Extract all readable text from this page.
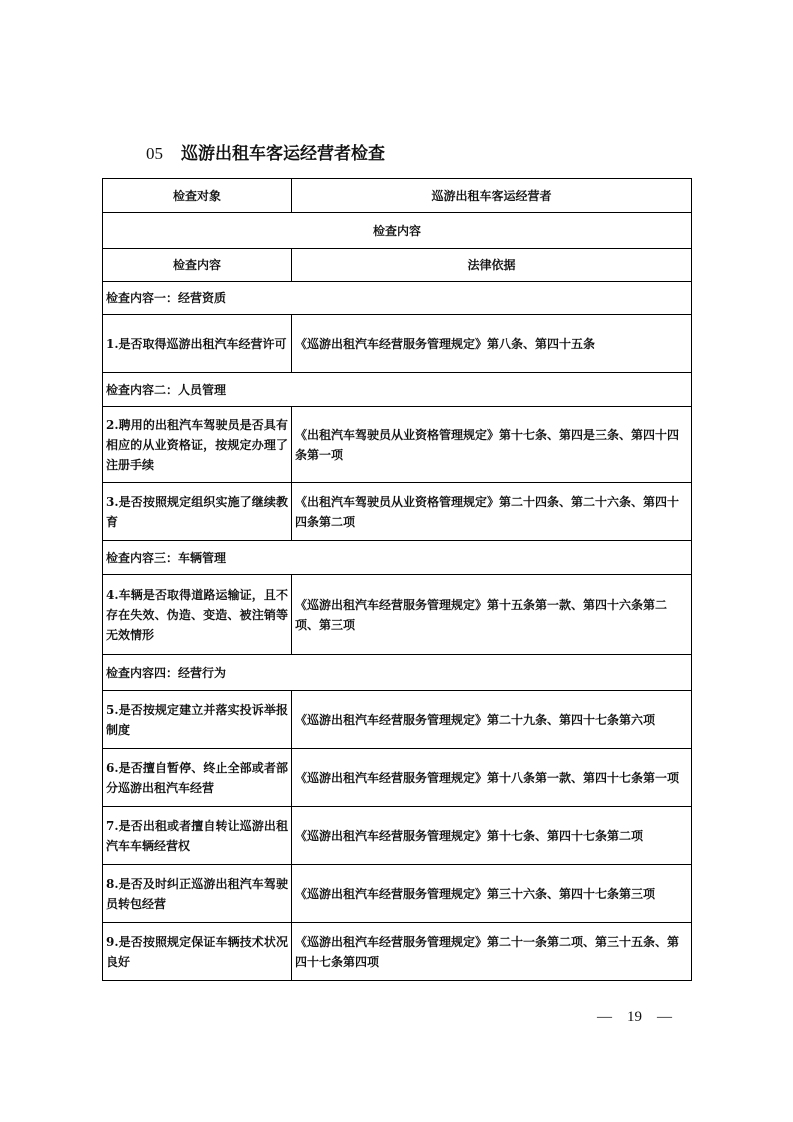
05 巡游出租车客运经营者检查
检查对象	巡游出租车客运经营者
检查内容	
检查内容	法律依据
检查内容一：经营资质	
1.是否取得巡游出租汽车经营许可	《巡游出租汽车经营服务管理规定》第八条、第四十五条
检查内容二：人员管理	
2.聘用的出租汽车驾驶员是否具有相应的从业资格证，按规定办理了注册手续	《出租汽车驾驶员从业资格管理规定》第十七条、第四是三条、第四十四条第一项
3.是否按照规定组织实施了继续教育	《出租汽车驾驶员从业资格管理规定》第二十四条、第二十六条、第四十四条第二项
检查内容三：车辆管理	
4.车辆是否取得道路运输证，且不存在失效、伪造、变造、被注销等无效情形	《巡游出租汽车经营服务管理规定》第十五条第一款、第四十六条第二项、第三项
检查内容四：经营行为	
5.是否按规定建立并落实投诉举报制度	《巡游出租汽车经营服务管理规定》第二十九条、第四十七条第六项
6.是否擅自暂停、终止全部或者部分巡游出租汽车经营	《巡游出租汽车经营服务管理规定》第十八条第一款、第四十七条第一项
7.是否出租或者擅自转让巡游出租汽车车辆经营权	《巡游出租汽车经营服务管理规定》第十七条、第四十七条第二项
8.是否及时纠正巡游出租汽车驾驶员转包经营	《巡游出租汽车经营服务管理规定》第三十六条、第四十七条第三项
9.是否按照规定保证车辆技术状况良好	《巡游出租汽车经营服务管理规定》第二十一条第二项、第三十五条、第四十七条第四项
—　19　—
